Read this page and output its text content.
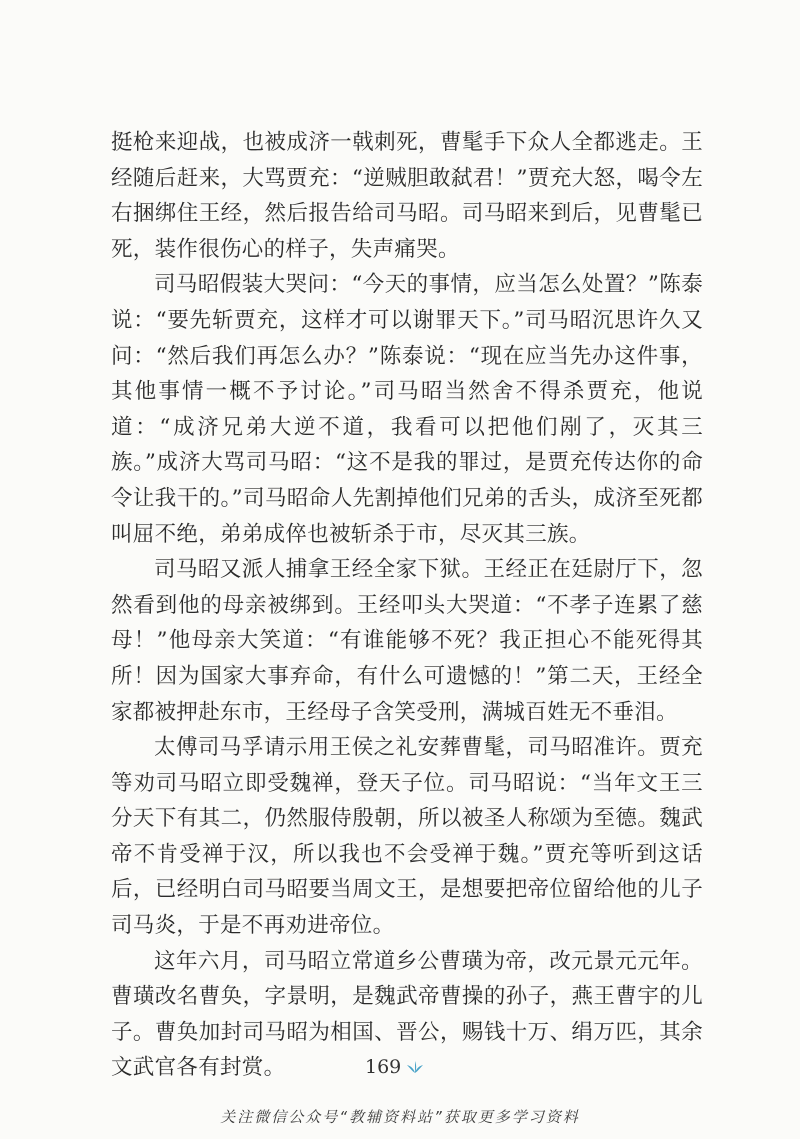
挺枪来迎战，也被成济一戟刺死，曹髦手下众人全都逃走。王经随后赶来，大骂贾充：“逆贼胆敢弑君！”贾充大怒，喝令左右捆绑住王经，然后报告给司马昭。司马昭来到后，见曹髦已死，装作很伤心的样子，失声痛哭。

司马昭假装大哭问：“今天的事情，应当怎么处置？”陈泰说：“要先斩贾充，这样才可以谢罪天下。”司马昭沉思许久又问：“然后我们再怎么办？”陈泰说：“现在应当先办这件事，其他事情一概不予讨论。”司马昭当然舍不得杀贾充，他说道：“成济兄弟大逆不道，我看可以把他们剐了，灭其三族。”成济大骂司马昭：“这不是我的罪过，是贾充传达你的命令让我干的。”司马昭命人先割掉他们兄弟的舌头，成济至死都叫屈不绝，弟弟成倅也被斩杀于市，尽灭其三族。

司马昭又派人捕拿王经全家下狱。王经正在廷尉厅下，忽然看到他的母亲被绑到。王经叩头大哭道：“不孝子连累了慈母！”他母亲大笑道：“有谁能够不死？我正担心不能死得其所！因为国家大事弃命，有什么可遗憾的！”第二天，王经全家都被押赴东市，王经母子含笑受刑，满城百姓无不垂泪。

太傅司马孚请示用王侯之礼安葬曹髦，司马昭准许。贾充等劝司马昭立即受魏禅，登天子位。司马昭说：“当年文王三分天下有其二，仍然服侍殷朝，所以被圣人称颂为至德。魏武帝不肯受禅于汉，所以我也不会受禅于魏。”贾充等听到这话后，已经明白司马昭要当周文王，是想要把帝位留给他的儿子司马炎，于是不再劝进帝位。

这年六月，司马昭立常道乡公曹璜为帝，改元景元元年。曹璜改名曹奂，字景明，是魏武帝曹操的孙子，燕王曹宇的儿子。曹奂加封司马昭为相国、晋公，赐钱十万、绢万匹，其余文武官各有封赏。	169
关注微信公众号“教辅资料站”获取更多学习资料
